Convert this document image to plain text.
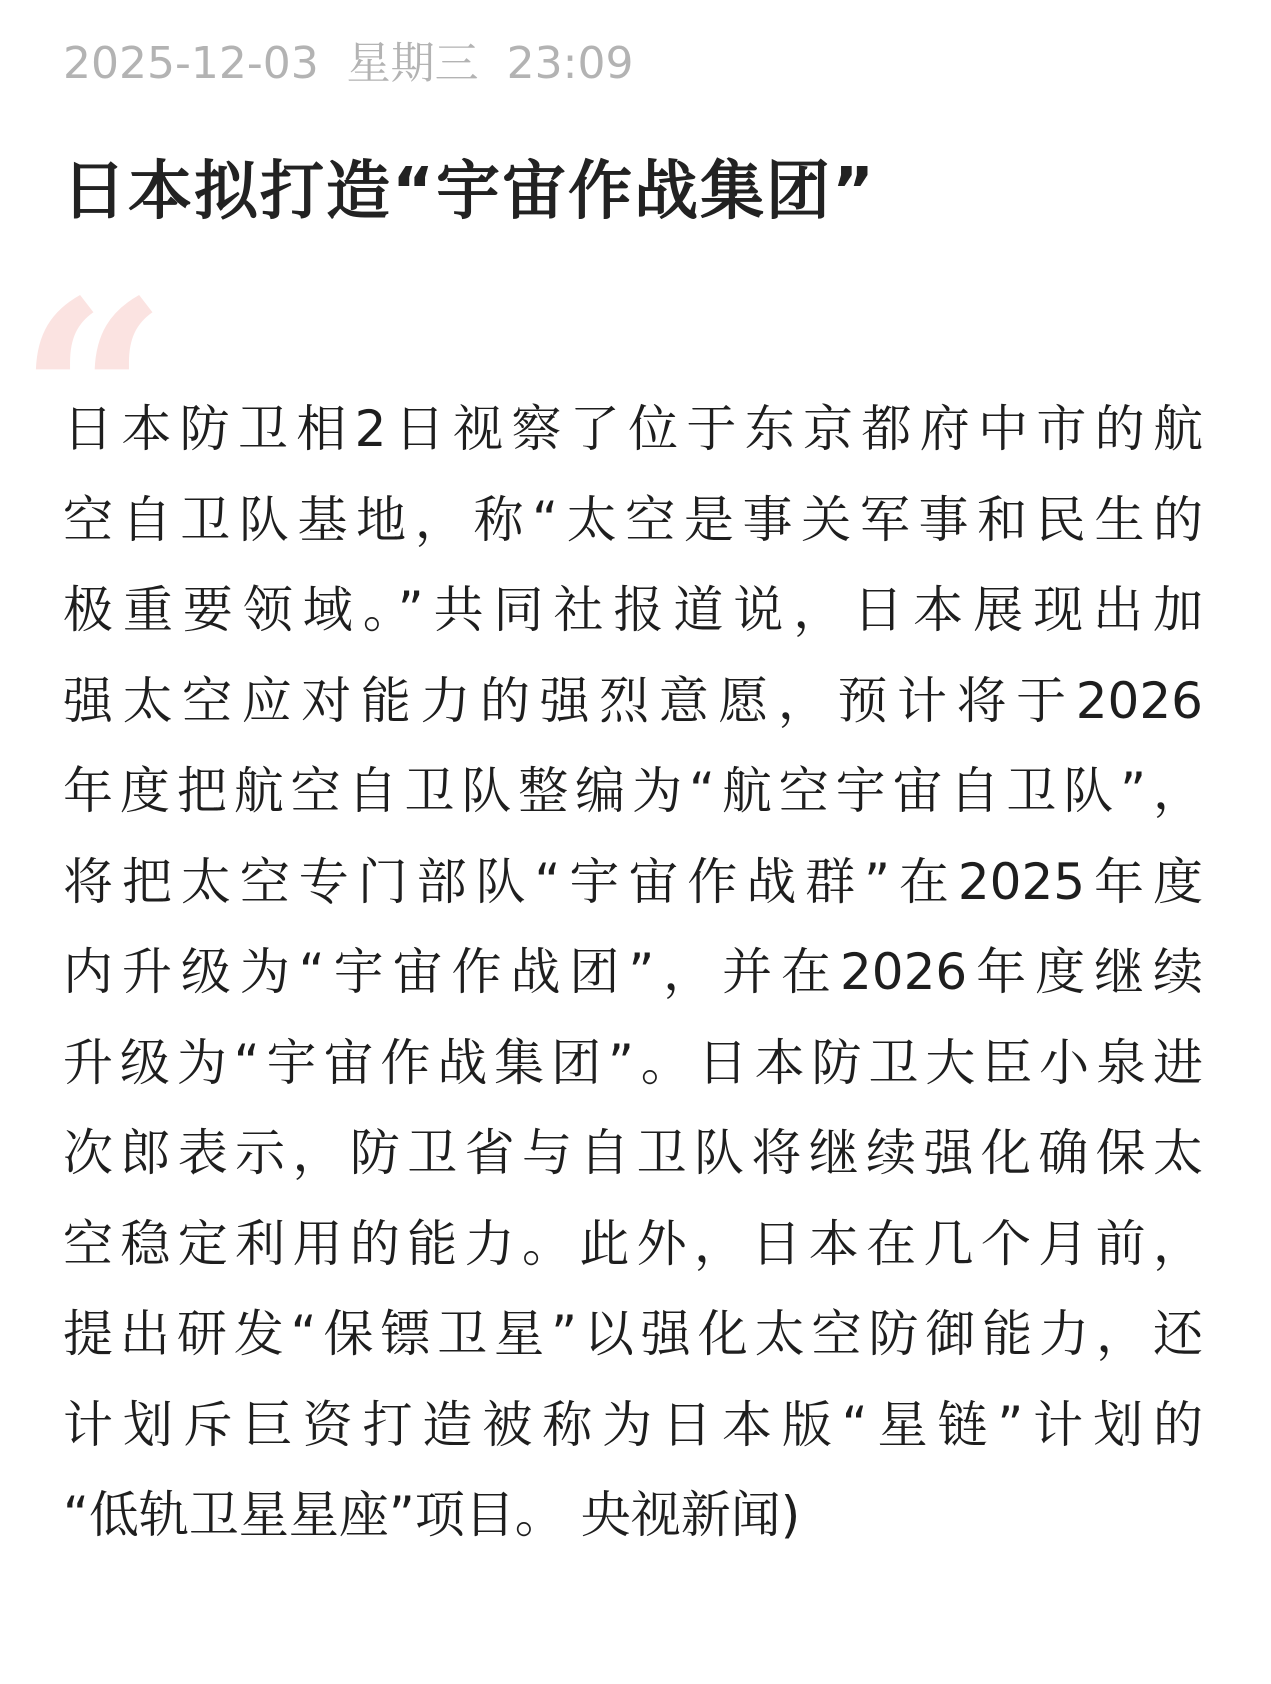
2025-12-03  星期三  23:09
日本拟打造“宇宙作战集团”
“
日本防卫相2日视察了位于东京都府中市的航
空自卫队基地，称“太空是事关军事和民生的
极重要领域。”共同社报道说，日本展现出加
强太空应对能力的强烈意愿，预计将于2026
年度把航空自卫队整编为“航空宇宙自卫队”，
将把太空专门部队“宇宙作战群”在2025年度
内升级为“宇宙作战团”，并在2026年度继续
升级为“宇宙作战集团”。日本防卫大臣小泉进
次郎表示，防卫省与自卫队将继续强化确保太
空稳定利用的能力。此外，日本在几个月前，
提出研发“保镖卫星”以强化太空防御能力，还
计划斥巨资打造被称为日本版“星链”计划的
“低轨卫星星座”项目。 央视新闻)
